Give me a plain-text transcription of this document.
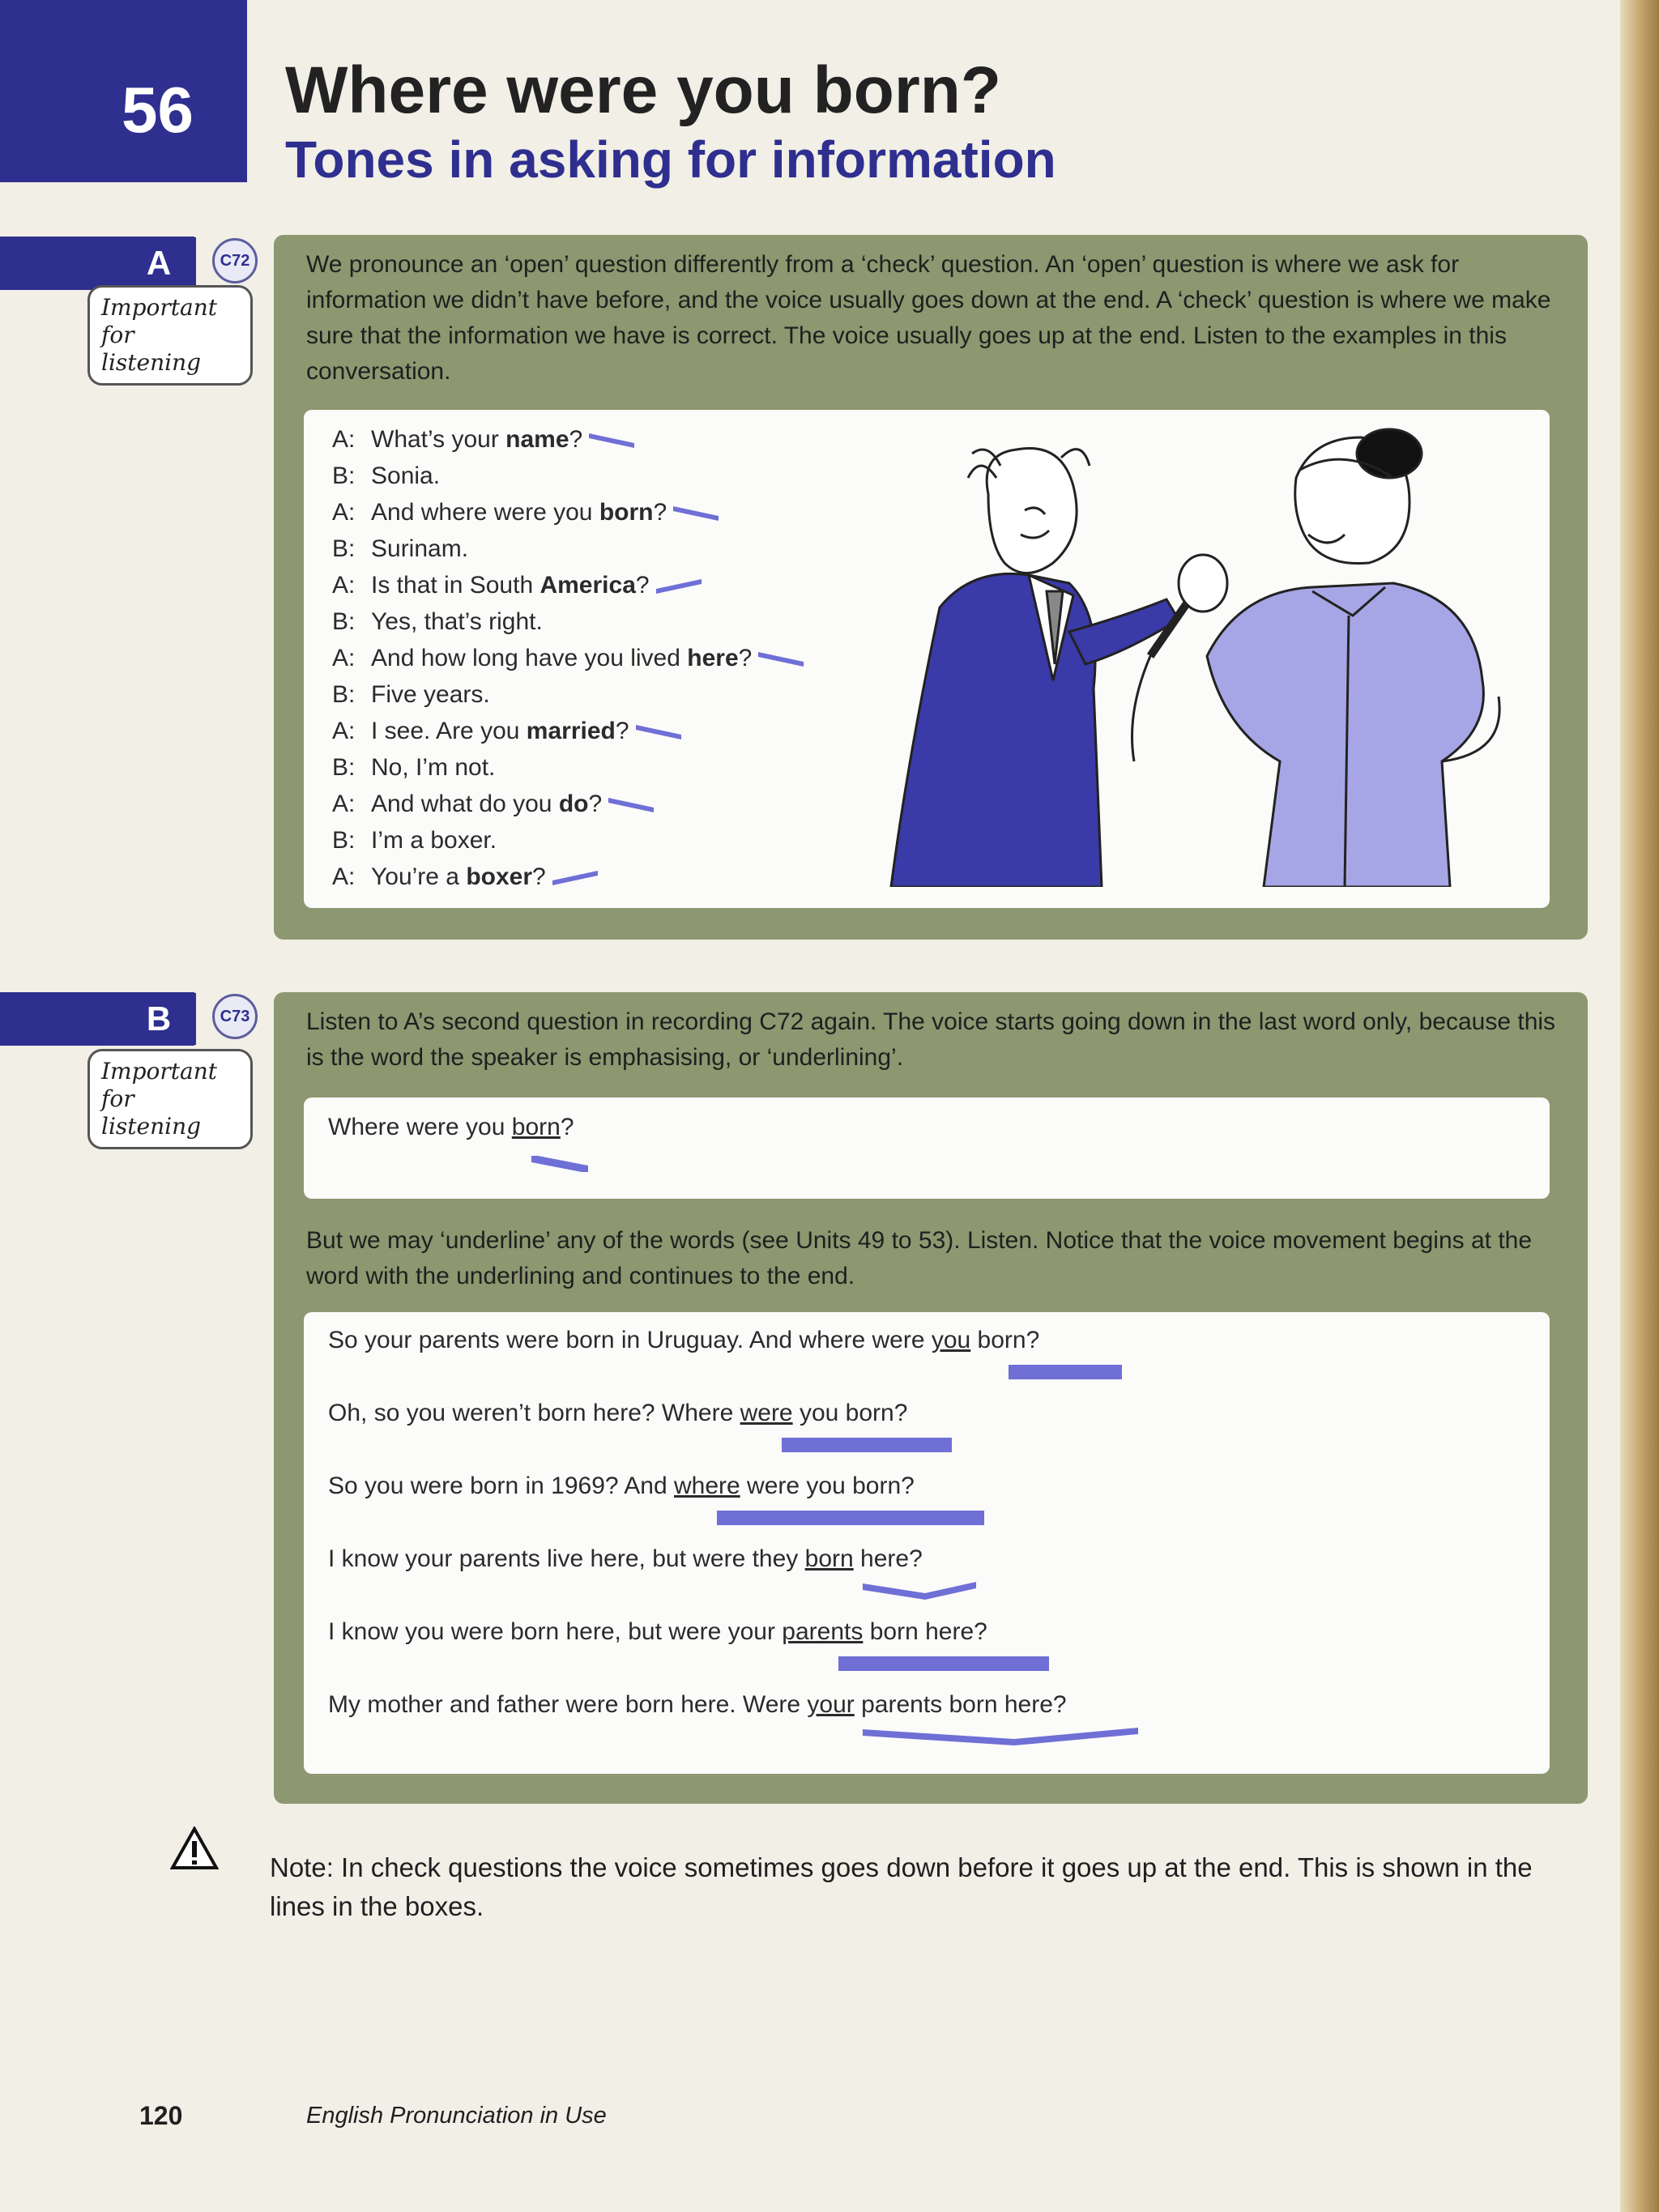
56 Where were you born?
Tones in asking for information
A	C72
Important for listening
We pronounce an ‘open’ question differently from a ‘check’ question. An ‘open’ question is where we ask for information we didn’t have before, and the voice usually goes down at the end. A ‘check’ question is where we make sure that the information we have is correct. The voice usually goes up at the end. Listen to the examples in this conversation.
A: What’s your name?
B: Sonia.
A: And where were you born?
B: Surinam.
A: Is that in South America?
B: Yes, that’s right.
A: And how long have you lived here?
B: Five years.
A: I see. Are you married?
B: No, I’m not.
A: And what do you do?
B: I’m a boxer.
A: You’re a boxer?
B	C73
Important for listening
Listen to A’s second question in recording C72 again. The voice starts going down in the last word only, because this is the word the speaker is emphasising, or ‘underlining’.
Where were you born?
But we may ‘underline’ any of the words (see Units 49 to 53). Listen. Notice that the voice movement begins at the word with the underlining and continues to the end.
So your parents were born in Uruguay. And where were you born?
Oh, so you weren’t born here? Where were you born?
So you were born in 1969? And where were you born?
I know your parents live here, but were they born here?
I know you were born here, but were your parents born here?
My mother and father were born here. Were your parents born here?
Note: In check questions the voice sometimes goes down before it goes up at the end. This is shown in the lines in the boxes.
120	English Pronunciation in Use
